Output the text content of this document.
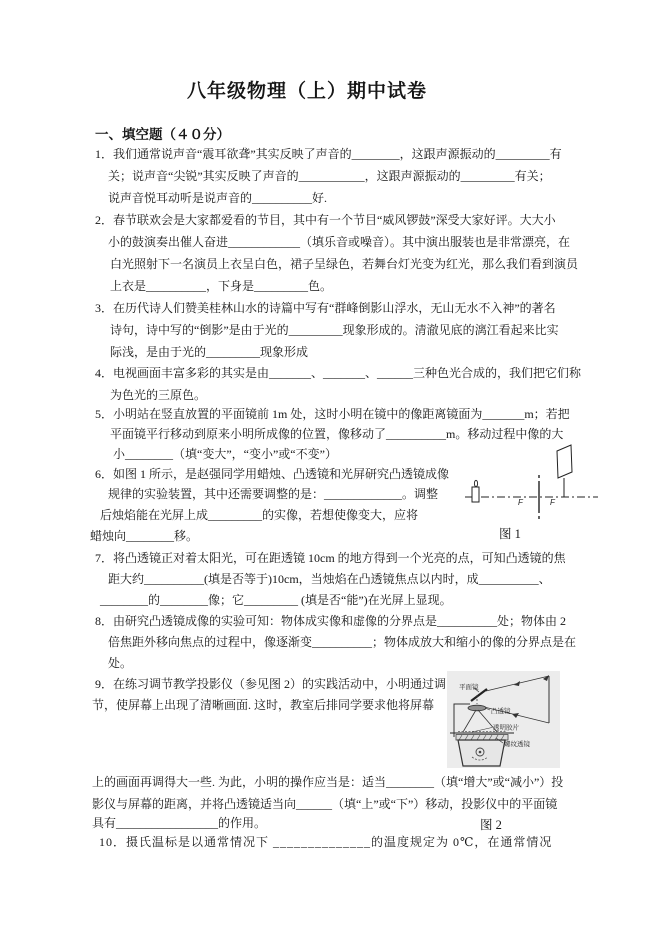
八年级物理（上）期中试卷
一、填空题（４０分）
1．我们通常说声音“震耳欲聋”其实反映了声音的________，这跟声源振动的_________有
关；说声音“尖锐”其实反映了声音的___________，这跟声源振动的_________有关；
说声音悦耳动听是说声音的__________好.
2．春节联欢会是大家都爱看的节目，其中有一个节目“威风锣鼓”深受大家好评。大大小
小的鼓演奏出催人奋进____________（填乐音或噪音）。其中演出服装也是非常漂亮，在
白光照射下一名演员上衣呈白色，裙子呈绿色，若舞台灯光变为红光，那么我们看到演员
上衣是__________，下身是_________色。
3．在历代诗人们赞美桂林山水的诗篇中写有“群峰倒影山浮水，无山无水不入神”的著名
诗句，诗中写的“倒影”是由于光的_________现象形成的。清澈见底的漓江看起来比实
际浅，是由于光的_________现象形成
4．电视画面丰富多彩的其实是由_______、_______、______三种色光合成的，我们把它们称
为色光的三原色。
5．小明站在竖直放置的平面镜前 1m 处，这时小明在镜中的像距离镜面为_______m；若把
平面镜平行移动到原来小明所成像的位置，像移动了__________m。移动过程中像的大
小________（填“变大”，“变小”或“不变”）
6．如图 1 所示，是赵强同学用蜡烛、凸透镜和光屏研究凸透镜成像
规律的实验装置，其中还需要调整的是：_____________。调整
后烛焰能在光屏上成_________的实像，若想使像变大，应将
蜡烛向________移。
7．将凸透镜正对着太阳光，可在距透镜 10cm 的地方得到一个光亮的点，可知凸透镜的焦
距大约__________(填是否等于)10cm，当烛焰在凸透镜焦点以内时，成__________、
________的________像；它_________ (填是否“能”)在光屏上显现。
8．由研究凸透镜成像的实验可知：物体成实像和虚像的分界点是__________处；物体由 2
倍焦距外移向焦点的过程中，像逐渐变__________；物体成放大和缩小的像的分界点是在
处。
9．在练习调节教学投影仪（参见图 2）的实践活动中，小明通过调
节，使屏幕上出现了清晰画面. 这时，教室后排同学要求他将屏幕
上的画面再调得大一些. 为此，小明的操作应当是：适当________（填“增大”或“减小”）投
影仪与屏幕的距离，并将凸透镜适当向______（填“上”或“下”）移动，投影仪中的平面镜
具有_________________的作用。
10．摄氏温标是以通常情况下 ______________的温度规定为 0℃，在通常情况
F	F
图 1
平面镜
凸透镜
透明胶片
螺纹透镜
图 2
